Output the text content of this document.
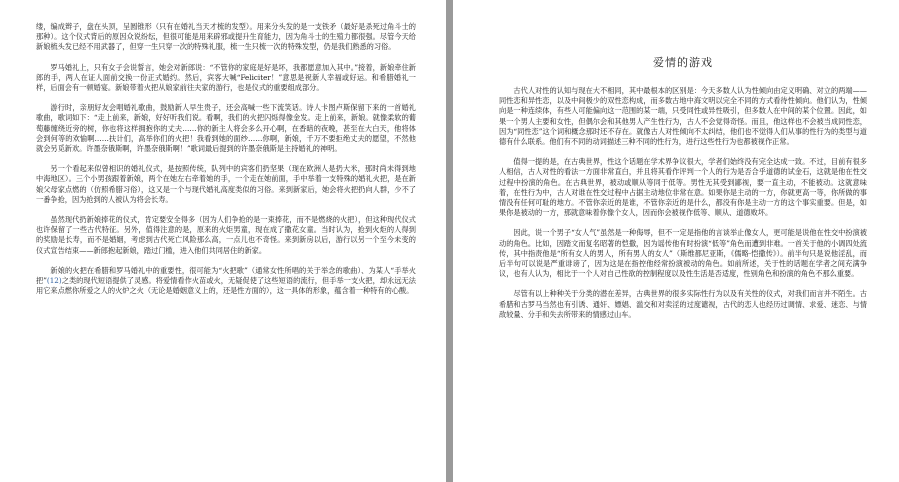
缕，编成辫子，盘在头顶，呈圆锥形（只有在婚礼当天才梳的发型）。用来分头发的是一支铁矛（最好是杀死过角斗士的那种）。这个仪式背后的原因众说纷纭，但很可能是用来辟邪或提升生育能力，因为角斗士的生殖力都很强。尽管今天给新娘梳头发已经不用武器了，但穿一生只穿一次的特殊礼服，梳一生只梳一次的特殊发型，仍是我们熟悉的习俗。

罗马婚礼上，只有女子会说誓言，她会对新郎说：“不管你的家庭是好是坏，我都愿意加入其中。”接着，新娘牵住新郎的手，两人在证人面前交换一份正式婚约。然后，宾客大喊“Feliciter！”意思是祝新人幸福或好运。和希腊婚礼一样，后面会有一顿婚宴。新娘带着火把从娘家前往夫家的游行，也是仪式的重要组成部分。

游行时，亲朋好友会唱婚礼歌曲，鼓励新人早生贵子，还会高喊一些下流笑话。诗人卡图卢斯保留下来的一首婚礼歌曲，歌词如下：“走上前来，新娘，好好听我们说。看啊，我们的火把闪烁得像金发。走上前来，新娘。就像柔软的葡萄藤缠绕近旁的树，你也将这样拥抱你的丈夫……你的新主人将会多么开心啊，在香暗的夜晚，甚至在大白天，他将体会到何等的欢愉啊……扶计们，高举你们的火把！我看到她的面纱……你啊，新娘，千万不要拒绝丈夫的愿望，不然他就会另觅新欢。许墨奈俄斯啊，许墨奈俄斯啊！”歌词最后提到的许墨奈俄斯是主持婚礼的神明。

另一个看起来似曾相识的婚礼仪式，是按照传统，队列中的宾客们扔坚果（现在欧洲人是扔大米，那时尚未得到地中海地区）。三个小男孩跟着新娘，两个在她左右牵着她的手，一个走在她前面，手中举着一支特殊的婚礼火把，是在新娘父母家点燃的（仿照希腊习俗），这又是一个与现代婚礼高度类似的习俗。来到新家后，她会将火把扔向人群，少不了一番争抢，因为抢到的人被认为将会长寿。

虽然现代扔新娘捧花的仪式，肯定要安全得多（因为人们争抢的是一束捧花，而不是燃烧的火把），但这种现代仪式也许保留了一些古代特征。另外，值得注意的是，原来的火炬男童，现在成了撒花女童。当时认为，抢到火炬的人得到的奖励是长寿，而不是婚姻，考虑到古代死亡风险那么高，一点儿也不奇怪。来到新房以后，游行以另一个至今未变的仪式宣告结束——新郎抱起新娘，踏过门槛，进入他们共同居住的新家。

新娘的火把在希腊和罗马婚礼中的重要性，很可能为“火把歌”（通常女性所唱的关于举念的歌曲）、为某人“手举火把”(12)之类的现代短语提供了灵感。将爱情看作火苗或火，无疑促使了这些短语的流行，但手举一支火把，却永远无法用它来点燃你所爱之人的火炉之火（无论是婚姻意义上的，还是性方面的），这一具体的形象，蕴含着一种特有的心酸。

爱情的游戏

古代人对性的认知与现在大不相同，其中最根本的区别是：今天多数人认为性倾向由定义明确、对立的两端——同性恋和异性恋，以及中间极少的双性恋构成，而多数古地中海文明以完全不同的方式看待性倾向。他们认为，性倾向是一种连续体，有些人可能偏向这一范围的某一端，只受同性或异性吸引，但多数人在中间的某个位置。因此，如果一个男人主要和女性，但偶尔会和其他男人产生性行为，古人不会觉得奇怪。而且，他这样也不会被当成同性恋，因为“同性恋”这个词和概念那时还不存在。就像古人对性倾向不太纠结，他们也不觉得人们从事的性行为的类型与道德有什么联系。他们有不同的动词描述三种不同的性行为，进行这些性行为也都被视作正常。

值得一提的是，在古典世界，性这个话题在学术界争议很大，学者们始终没有完全达成一致。不过，目前有很多人相信，古人对性的看法一方面非常直白，并且将其看作评判一个人的行为是否合乎道德的试金石，这就是他在性交过程中扮演的角色。在古典世界，被动或顺从等同于低等。男性无其受到鄙视，要一直主动，不能被动。这就意味着，在性行为中，古人对谁在性交过程中占据主动地位非常在意。如果你是主动的一方，你就更高一等，你所做的事情没有任何可耻的地方。不管你亲近的是谁，不管你亲近的是什么，都没有你是主动一方的这个事实重要。但是，如果你是被动的一方，那就意味着你像个女人，因而你会被视作低等、顺从、道德败坏。

因此，说一个男子“女人气”虽然是一种侮辱，但不一定是指他的言谈举止像女人，更可能是说他在性交中扮演被动的角色。比如，因踏文而复名昭著的恺撒，因为谣传他有时扮演“低等”角色而遭到非难。一首关于他的小调四处流传，其中指责他是“所有女人的男人，所有男人的女人”（斯维都尼亚斯，《儒略·恺撒传》）。前半句只是说他淫乱，而后半句可以说是严重诽谤了，因为这是在指控他经常扮演被动的角色。如前所述，关于性的话题在学者之间充满争议，也有人认为，相比于一个人对自己性欲的控制程度以及性生活是否适度，性别角色和扮演的角色不那么重要。

尽管有以上种种关于分类的潜在差异，古典世界的很多实际性行为以及有关性的仪式，对我们而言并不陌生。古希腊和古罗马当然也有引诱、通奸、嫖娼、滥交和对卖淫的过度谴视，古代的恋人也经历过调情、求爱、迷恋、与情敌较量、分手和失去所带来的情感过山车。
